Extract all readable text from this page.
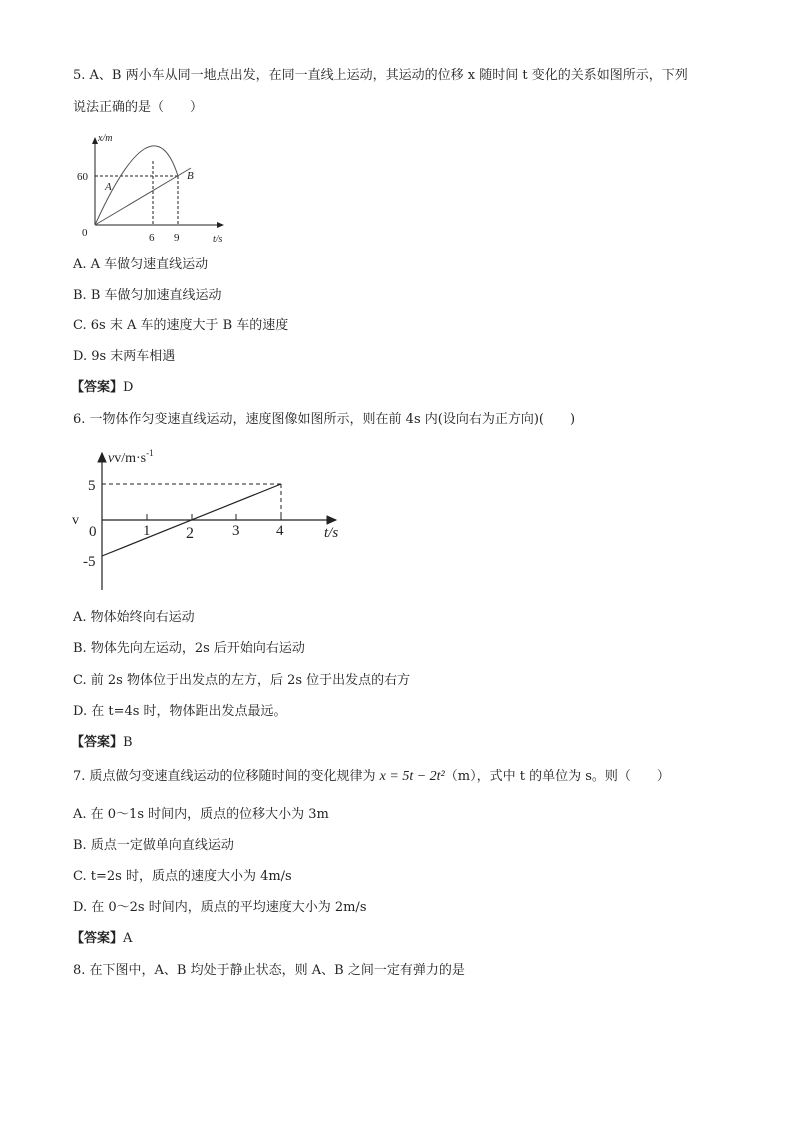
5. A、B 两小车从同一地点出发，在同一直线上运动，其运动的位移 x 随时间 t 变化的关系如图所示，下列
说法正确的是（　　）
x/m
t/s
0
60
6 9
A
B
A. A 车做匀速直线运动
B. B 车做匀加速直线运动
C. 6s 末 A 车的速度大于 B 车的速度
D. 9s 末两车相遇
【答案】D
6. 一物体作匀变速直线运动，速度图像如图所示，则在前 4s 内(设向右为正方向)(　　)
$vv/m\cdot s^{-1}$
v
0
5
-5
1 2	3 4	t/s
A. 物体始终向右运动
B. 物体先向左运动，2s 后开始向右运动
C. 前 2s 物体位于出发点的左方，后 2s 位于出发点的右方
D. 在 t=4s 时，物体距出发点最远。
【答案】B
7. 质点做匀变速直线运动的位移随时间的变化规律为 x = 5t − 2t²（m），式中 t 的单位为 s。则（　　）
A. 在 0～1s 时间内，质点的位移大小为 3m
B. 质点一定做单向直线运动
C. t=2s 时，质点的速度大小为 4m/s
D. 在 0～2s 时间内，质点的平均速度大小为 2m/s
【答案】A
8. 在下图中，A、B 均处于静止状态，则 A、B 之间一定有弹力的是
